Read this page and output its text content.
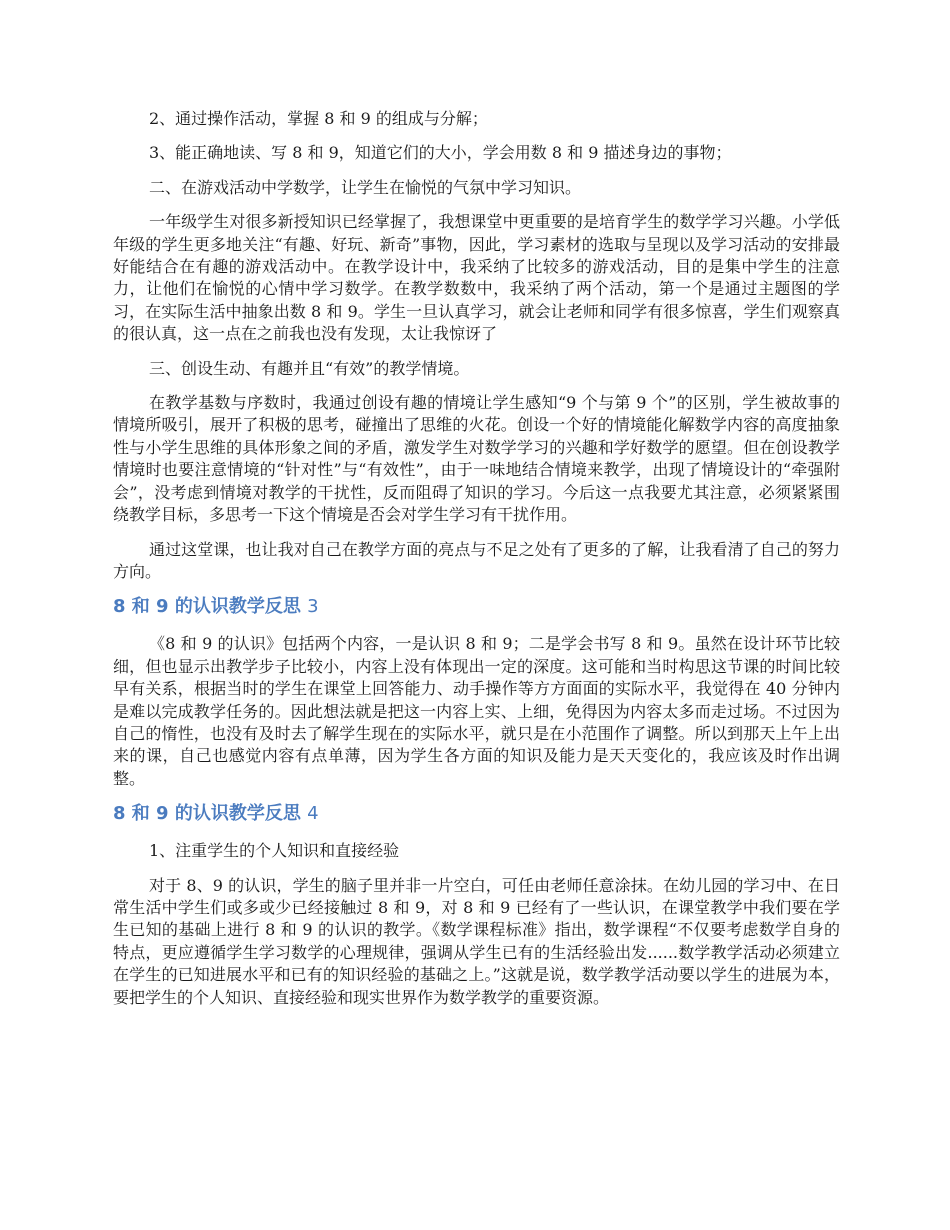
2、通过操作活动，掌握 8 和 9 的组成与分解；

3、能正确地读、写 8 和 9，知道它们的大小，学会用数 8 和 9 描述身边的事物；

二、在游戏活动中学数学，让学生在愉悦的气氛中学习知识。

一年级学生对很多新授知识已经掌握了，我想课堂中更重要的是培育学生的数学学习兴趣。小学低年级的学生更多地关注“有趣、好玩、新奇”事物，因此，学习素材的选取与呈现以及学习活动的安排最好能结合在有趣的游戏活动中。在教学设计中，我采纳了比较多的游戏活动，目的是集中学生的注意力，让他们在愉悦的心情中学习数学。在教学数数中，我采纳了两个活动，第一个是通过主题图的学习，在实际生活中抽象出数 8 和 9。学生一旦认真学习，就会让老师和同学有很多惊喜，学生们观察真的很认真，这一点在之前我也没有发现，太让我惊讶了

三、创设生动、有趣并且“有效”的教学情境。

在教学基数与序数时，我通过创设有趣的情境让学生感知“9 个与第 9 个”的区别，学生被故事的情境所吸引，展开了积极的思考，碰撞出了思维的火花。创设一个好的情境能化解数学内容的高度抽象性与小学生思维的具体形象之间的矛盾，激发学生对数学学习的兴趣和学好数学的愿望。但在创设教学情境时也要注意情境的“针对性”与“有效性”，由于一味地结合情境来教学，出现了情境设计的“牵强附会”，没考虑到情境对教学的干扰性，反而阻碍了知识的学习。今后这一点我要尤其注意，必须紧紧围绕教学目标，多思考一下这个情境是否会对学生学习有干扰作用。

通过这堂课，也让我对自己在教学方面的亮点与不足之处有了更多的了解，让我看清了自己的努力方向。

8 和 9 的认识教学反思 3

《8 和 9 的认识》包括两个内容，一是认识 8 和 9；二是学会书写 8 和 9。虽然在设计环节比较细，但也显示出教学步子比较小，内容上没有体现出一定的深度。这可能和当时构思这节课的时间比较早有关系，根据当时的学生在课堂上回答能力、动手操作等方方面面的实际水平，我觉得在 40 分钟内是难以完成教学任务的。因此想法就是把这一内容上实、上细，免得因为内容太多而走过场。不过因为自己的惰性，也没有及时去了解学生现在的实际水平，就只是在小范围作了调整。所以到那天上午上出来的课，自己也感觉内容有点单薄，因为学生各方面的知识及能力是天天变化的，我应该及时作出调整。

8 和 9 的认识教学反思 4

1、注重学生的个人知识和直接经验

对于 8、9 的认识，学生的脑子里并非一片空白，可任由老师任意涂抹。在幼儿园的学习中、在日常生活中学生们或多或少已经接触过 8 和 9，对 8 和 9 已经有了一些认识，在课堂教学中我们要在学生已知的基础上进行 8 和 9 的认识的教学。《数学课程标准》指出，数学课程“不仅要考虑数学自身的特点，更应遵循学生学习数学的心理规律，强调从学生已有的生活经验出发......数学教学活动必须建立在学生的已知进展水平和已有的知识经验的基础之上。”这就是说，数学教学活动要以学生的进展为本，要把学生的个人知识、直接经验和现实世界作为数学教学的重要资源。
